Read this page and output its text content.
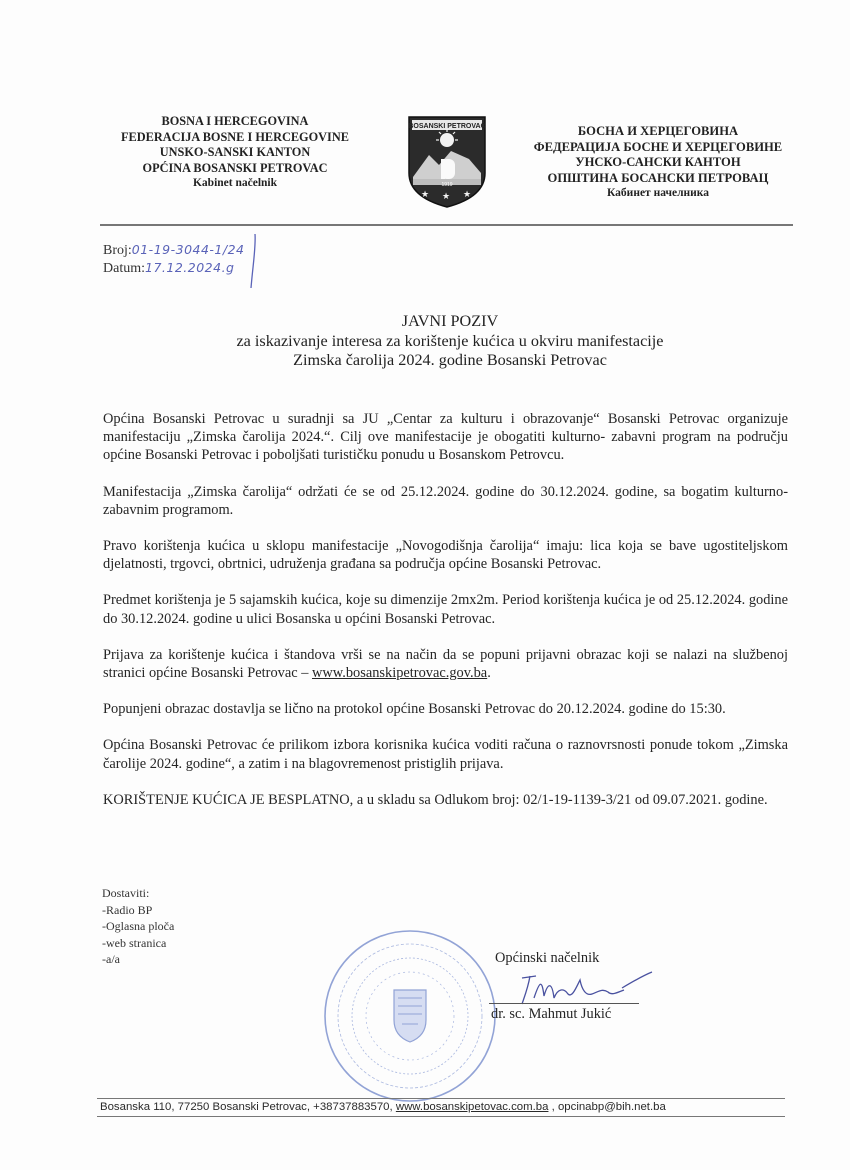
BOSNA I HERCEGOVINA
FEDERACIJA BOSNE I HERCEGOVINE
UNSKO-SANSKI KANTON
OPĆINA BOSANSKI PETROVAC
Kabinet načelnik
BOSANSKI PETROVAC
1919
★ ★ ★
БОСНА И ХЕРЦЕГОВИНА
ФЕДЕРАЦИЈА БОСНЕ И ХЕРЦЕГОВИНЕ
УНСКО-САНСКИ КАНТОН
ОПШТИНА БОСАНСКИ ПЕТРОВАЦ
Кабинет начелника
Broj:01-19-3044-1/24
Datum:17.12.2024.g
JAVNI POZIV
za iskazivanje interesa za korištenje kućica u okviru manifestacije
Zimska čarolija 2024. godine Bosanski Petrovac

Općina Bosanski Petrovac u suradnji sa JU „Centar za kulturu i obrazovanje“ Bosanski Petrovac organizuje manifestaciju „Zimska čarolija 2024.“. Cilj ove manifestacije je obogatiti kulturno- zabavni program na području općine Bosanski Petrovac i poboljšati turističku ponudu u Bosanskom Petrovcu.

Manifestacija „Zimska čarolija“ održati će se od 25.12.2024. godine do 30.12.2024. godine, sa bogatim kulturno-zabavnim programom.

Pravo korištenja kućica u sklopu manifestacije „Novogodišnja čarolija“ imaju: lica koja se bave ugostiteljskom djelatnosti, trgovci, obrtnici, udruženja građana sa područja općine Bosanski Petrovac.

Predmet korištenja je 5 sajamskih kućica, koje su dimenzije 2mx2m. Period korištenja kućica je od 25.12.2024. godine do 30.12.2024. godine u ulici Bosanska u općini Bosanski Petrovac.

Prijava za korištenje kućica i štandova vrši se na način da se popuni prijavni obrazac koji se nalazi na službenoj stranici općine Bosanski Petrovac – www.bosanskipetrovac.gov.ba.

Popunjeni obrazac dostavlja se lično na protokol općine Bosanski Petrovac do 20.12.2024. godine do 15:30.

Općina Bosanski Petrovac će prilikom izbora korisnika kućica voditi računa o raznovrsnosti ponude tokom „Zimska čarolije 2024. godine“, a zatim i na blagovremenost pristiglih prijava.

KORIŠTENJE KUĆICA JE BESPLATNO, a u skladu sa Odlukom broj: 02/1-19-1139-3/21 od 09.07.2021. godine.

Dostaviti:
-Radio BP
-Oglasna ploča
-web stranica
-a/a	Općinski načelnik
dr. sc. Mahmut Jukić
Bosanska 110, 77250 Bosanski Petrovac, +38737883570, www.bosanskipetovac.com.ba , opcinabp@bih.net.ba
